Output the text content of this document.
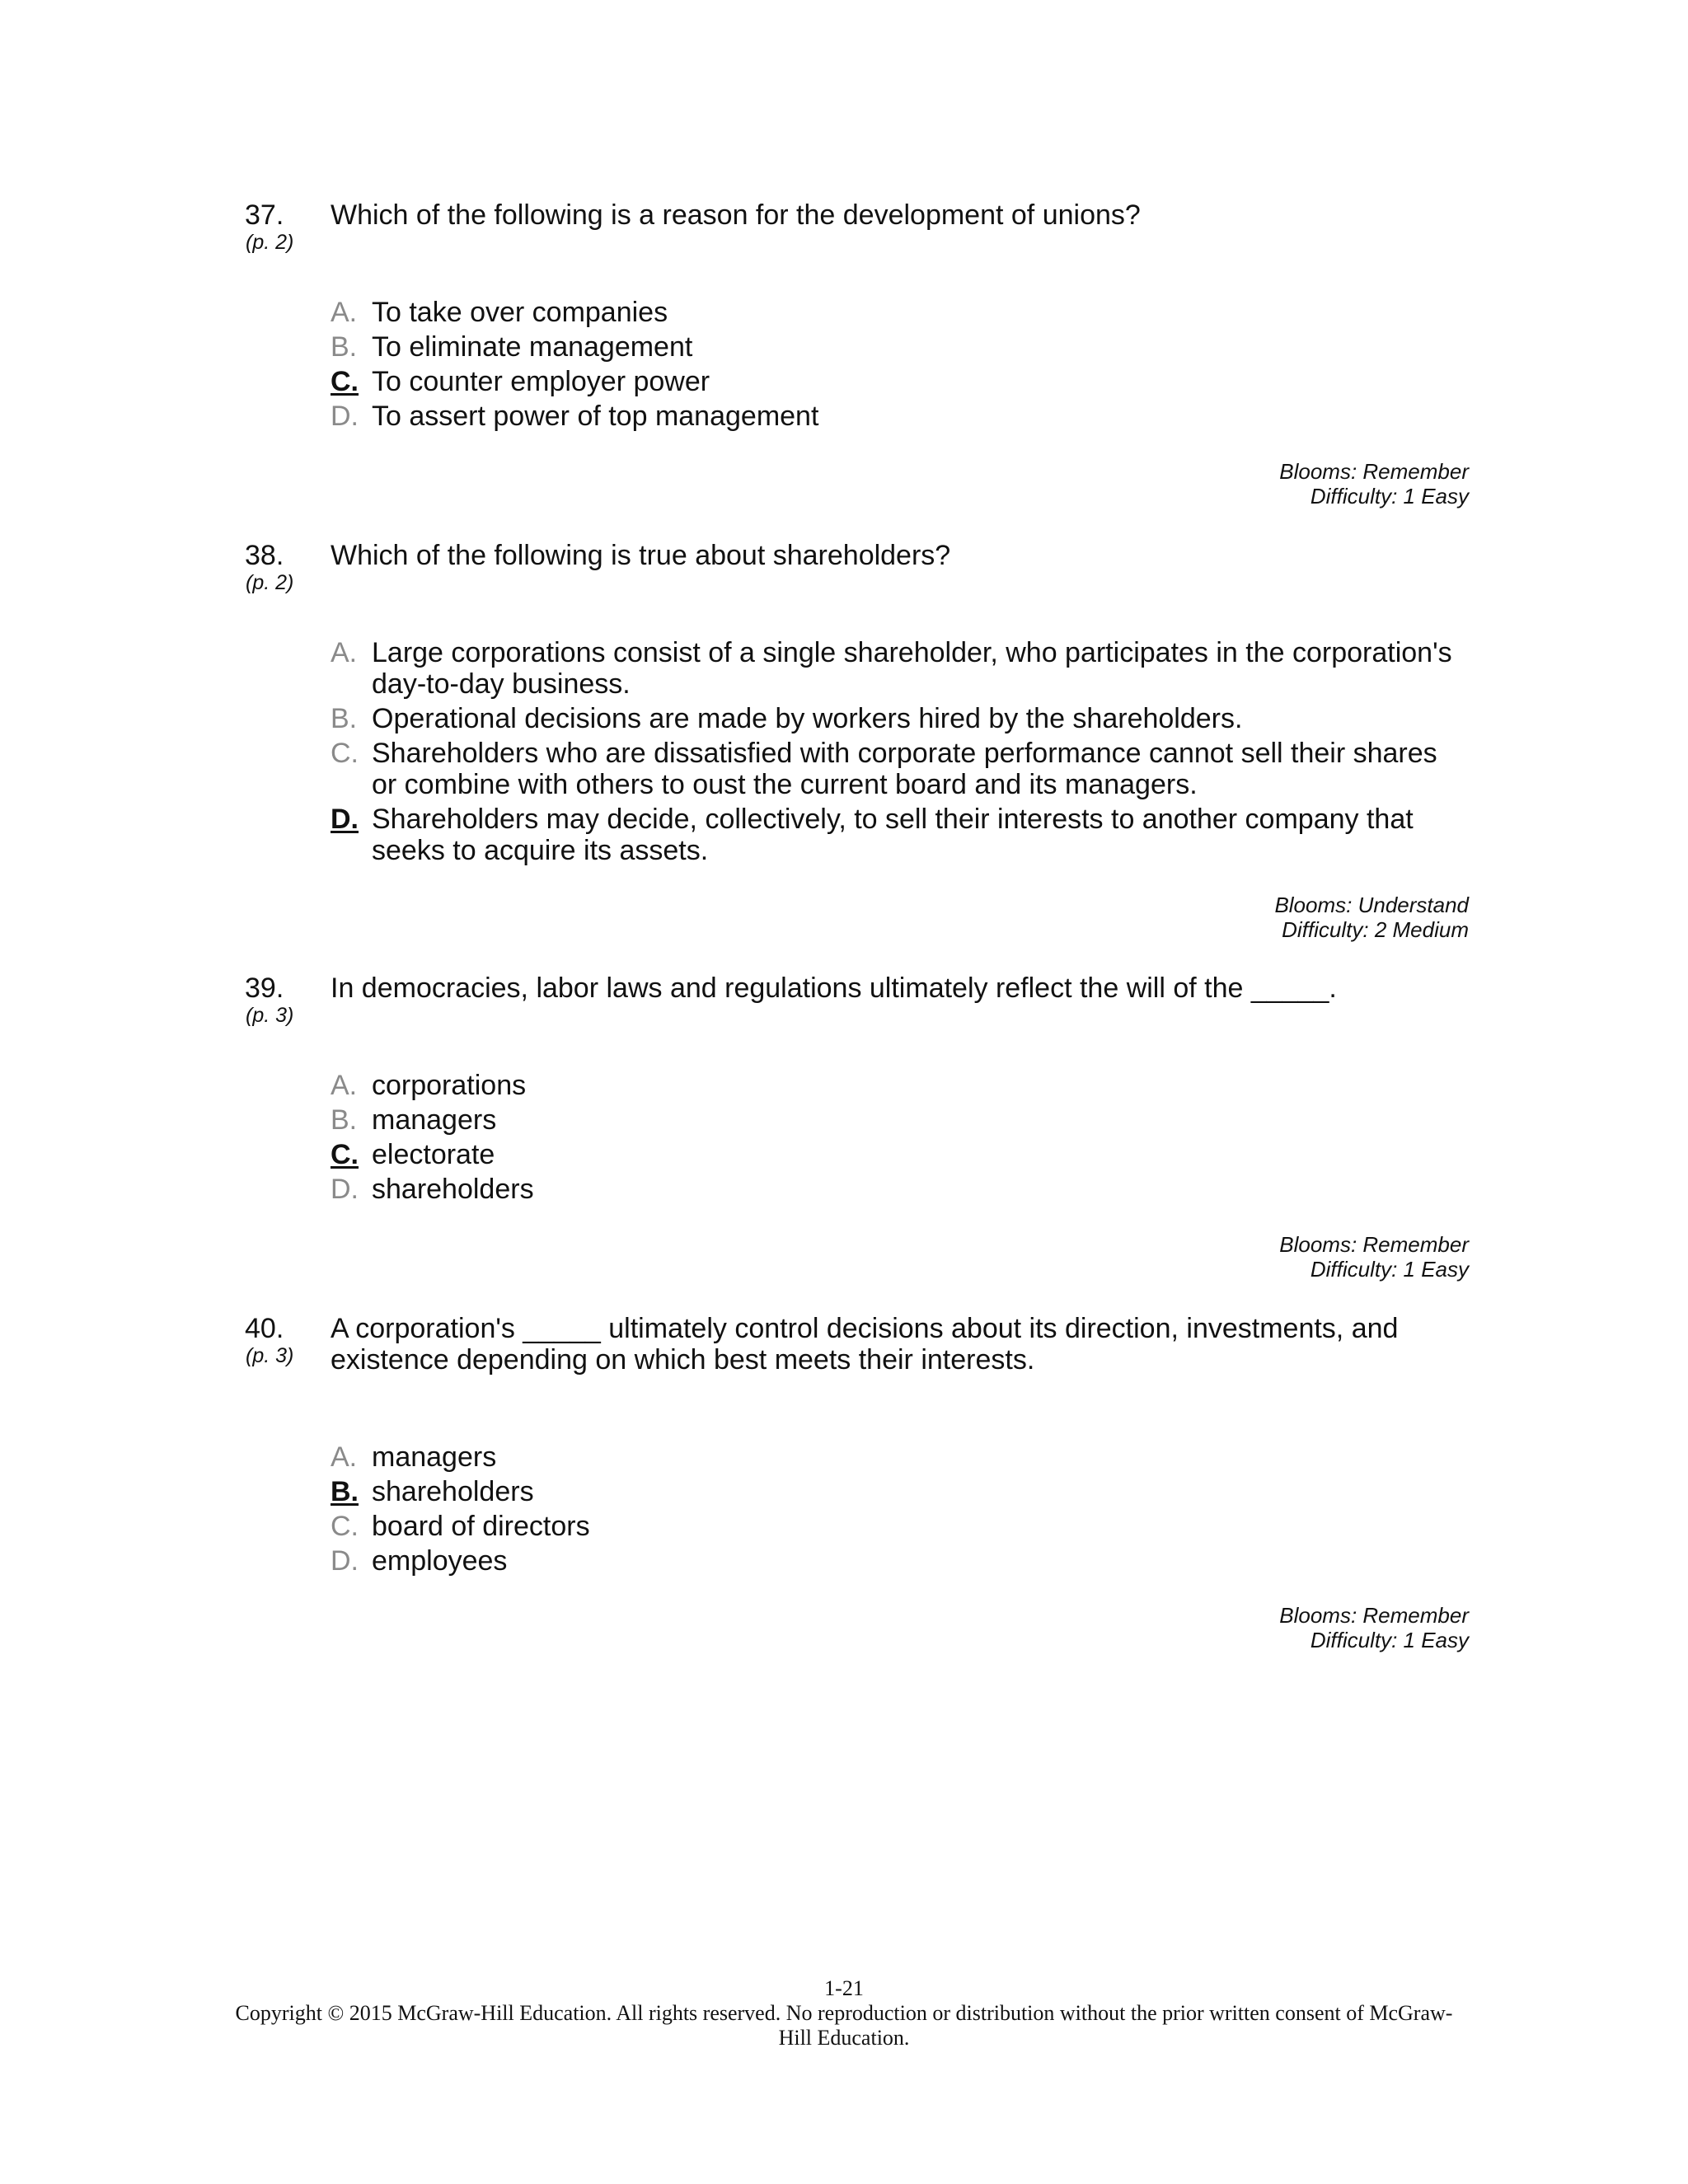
37.
(p. 2)
Which of the following is a reason for the development of unions?
A. To take over companies
B. To eliminate management
C. To counter employer power
D. To assert power of top management
Blooms: Remember
Difficulty: 1 Easy
38.
(p. 2)
Which of the following is true about shareholders?
A. Large corporations consist of a single shareholder, who participates in the corporation's day-to-day business.
B. Operational decisions are made by workers hired by the shareholders.
C. Shareholders who are dissatisfied with corporate performance cannot sell their shares or combine with others to oust the current board and its managers.
D. Shareholders may decide, collectively, to sell their interests to another company that seeks to acquire its assets.
Blooms: Understand
Difficulty: 2 Medium
39.
(p. 3)
In democracies, labor laws and regulations ultimately reflect the will of the _____.
A. corporations
B. managers
C. electorate
D. shareholders
Blooms: Remember
Difficulty: 1 Easy
40.
(p. 3)
A corporation's _____ ultimately control decisions about its direction, investments, and existence depending on which best meets their interests.
A. managers
B. shareholders
C. board of directors
D. employees
Blooms: Remember
Difficulty: 1 Easy
1-21
Copyright © 2015 McGraw-Hill Education. All rights reserved. No reproduction or distribution without the prior written consent of McGraw-Hill Education.
